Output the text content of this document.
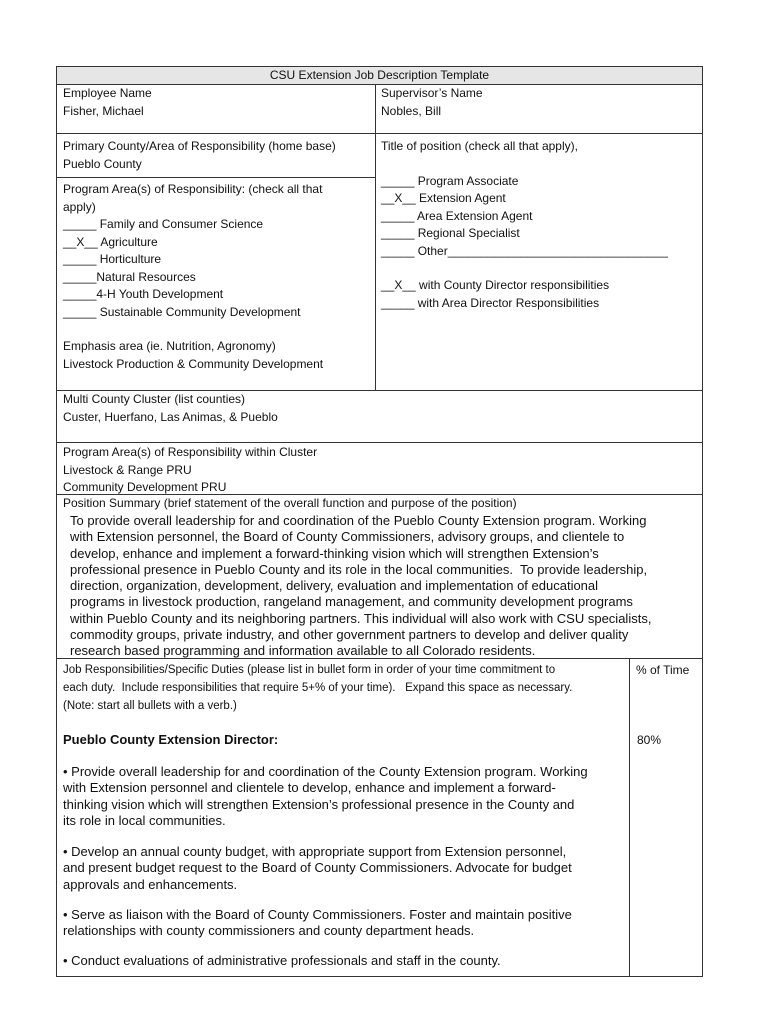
CSU Extension Job Description Template
Employee Name
Fisher, Michael
Supervisor’s Name
Nobles, Bill
Primary County/Area of Responsibility (home base)
Pueblo County
Program Area(s) of Responsibility: (check all that
apply)
_____ Family and Consumer Science
__X__ Agriculture
_____ Horticulture
_____Natural Resources
_____4-H Youth Development
_____ Sustainable Community Development
Emphasis area (ie. Nutrition, Agronomy)
Livestock Production & Community Development
Title of position (check all that apply),
_____ Program Associate
__X__ Extension Agent
_____ Area Extension Agent
_____ Regional Specialist
_____ Other_________________________________
__X__ with County Director responsibilities
_____ with Area Director Responsibilities
Multi County Cluster (list counties)
Custer, Huerfano, Las Animas, & Pueblo
Program Area(s) of Responsibility within Cluster
Livestock & Range PRU
Community Development PRU
Position Summary (brief statement of the overall function and purpose of the position)
To provide overall leadership for and coordination of the Pueblo County Extension program. Working
with Extension personnel, the Board of County Commissioners, advisory groups, and clientele to
develop, enhance and implement a forward-thinking vision which will strengthen Extension’s
professional presence in Pueblo County and its role in the local communities.  To provide leadership,
direction, organization, development, delivery, evaluation and implementation of educational
programs in livestock production, rangeland management, and community development programs
within Pueblo County and its neighboring partners. This individual will also work with CSU specialists,
commodity groups, private industry, and other government partners to develop and deliver quality
research based programming and information available to all Colorado residents.
Job Responsibilities/Specific Duties (please list in bullet form in order of your time commitment to
each duty.  Include responsibilities that require 5+% of your time).   Expand this space as necessary.
(Note: start all bullets with a verb.)
% of Time
Pueblo County Extension Director:	80%
• Provide overall leadership for and coordination of the County Extension program. Working
with Extension personnel and clientele to develop, enhance and implement a forward-
thinking vision which will strengthen Extension’s professional presence in the County and
its role in local communities.
• Develop an annual county budget, with appropriate support from Extension personnel,
and present budget request to the Board of County Commissioners. Advocate for budget
approvals and enhancements.
• Serve as liaison with the Board of County Commissioners. Foster and maintain positive
relationships with county commissioners and county department heads.
• Conduct evaluations of administrative professionals and staff in the county.
